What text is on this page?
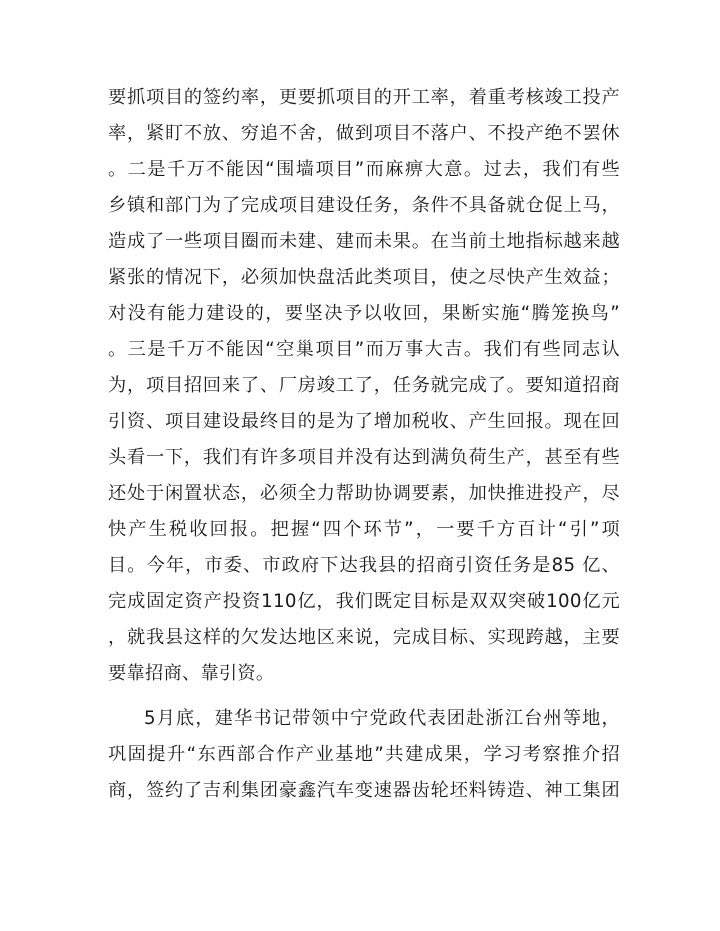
要抓项目的签约率，更要抓项目的开工率，着重考核竣工投产
率，紧盯不放、穷追不舍，做到项目不落户、不投产绝不罢休
。二是千万不能因“围墙项目”而麻痹大意。过去，我们有些
乡镇和部门为了完成项目建设任务，条件不具备就仓促上马，
造成了一些项目圈而未建、建而未果。在当前土地指标越来越
紧张的情况下，必须加快盘活此类项目，使之尽快产生效益；
对没有能力建设的，要坚决予以收回，果断实施“腾笼换鸟”
。三是千万不能因“空巢项目”而万事大吉。我们有些同志认
为，项目招回来了、厂房竣工了，任务就完成了。要知道招商
引资、项目建设最终目的是为了增加税收、产生回报。现在回
头看一下，我们有许多项目并没有达到满负荷生产，甚至有些
还处于闲置状态，必须全力帮助协调要素，加快推进投产，尽
快产生税收回报。把握“四个环节”，一要千方百计“引”项
目。今年，市委、市政府下达我县的招商引资任务是85 亿、
完成固定资产投资110亿，我们既定目标是双双突破100亿元
，就我县这样的欠发达地区来说，完成目标、实现跨越，主要
要靠招商、靠引资。
5月底，建华书记带领中宁党政代表团赴浙江台州等地，
巩固提升“东西部合作产业基地”共建成果，学习考察推介招
商，签约了吉利集团豪鑫汽车变速器齿轮坯料铸造、神工集团
